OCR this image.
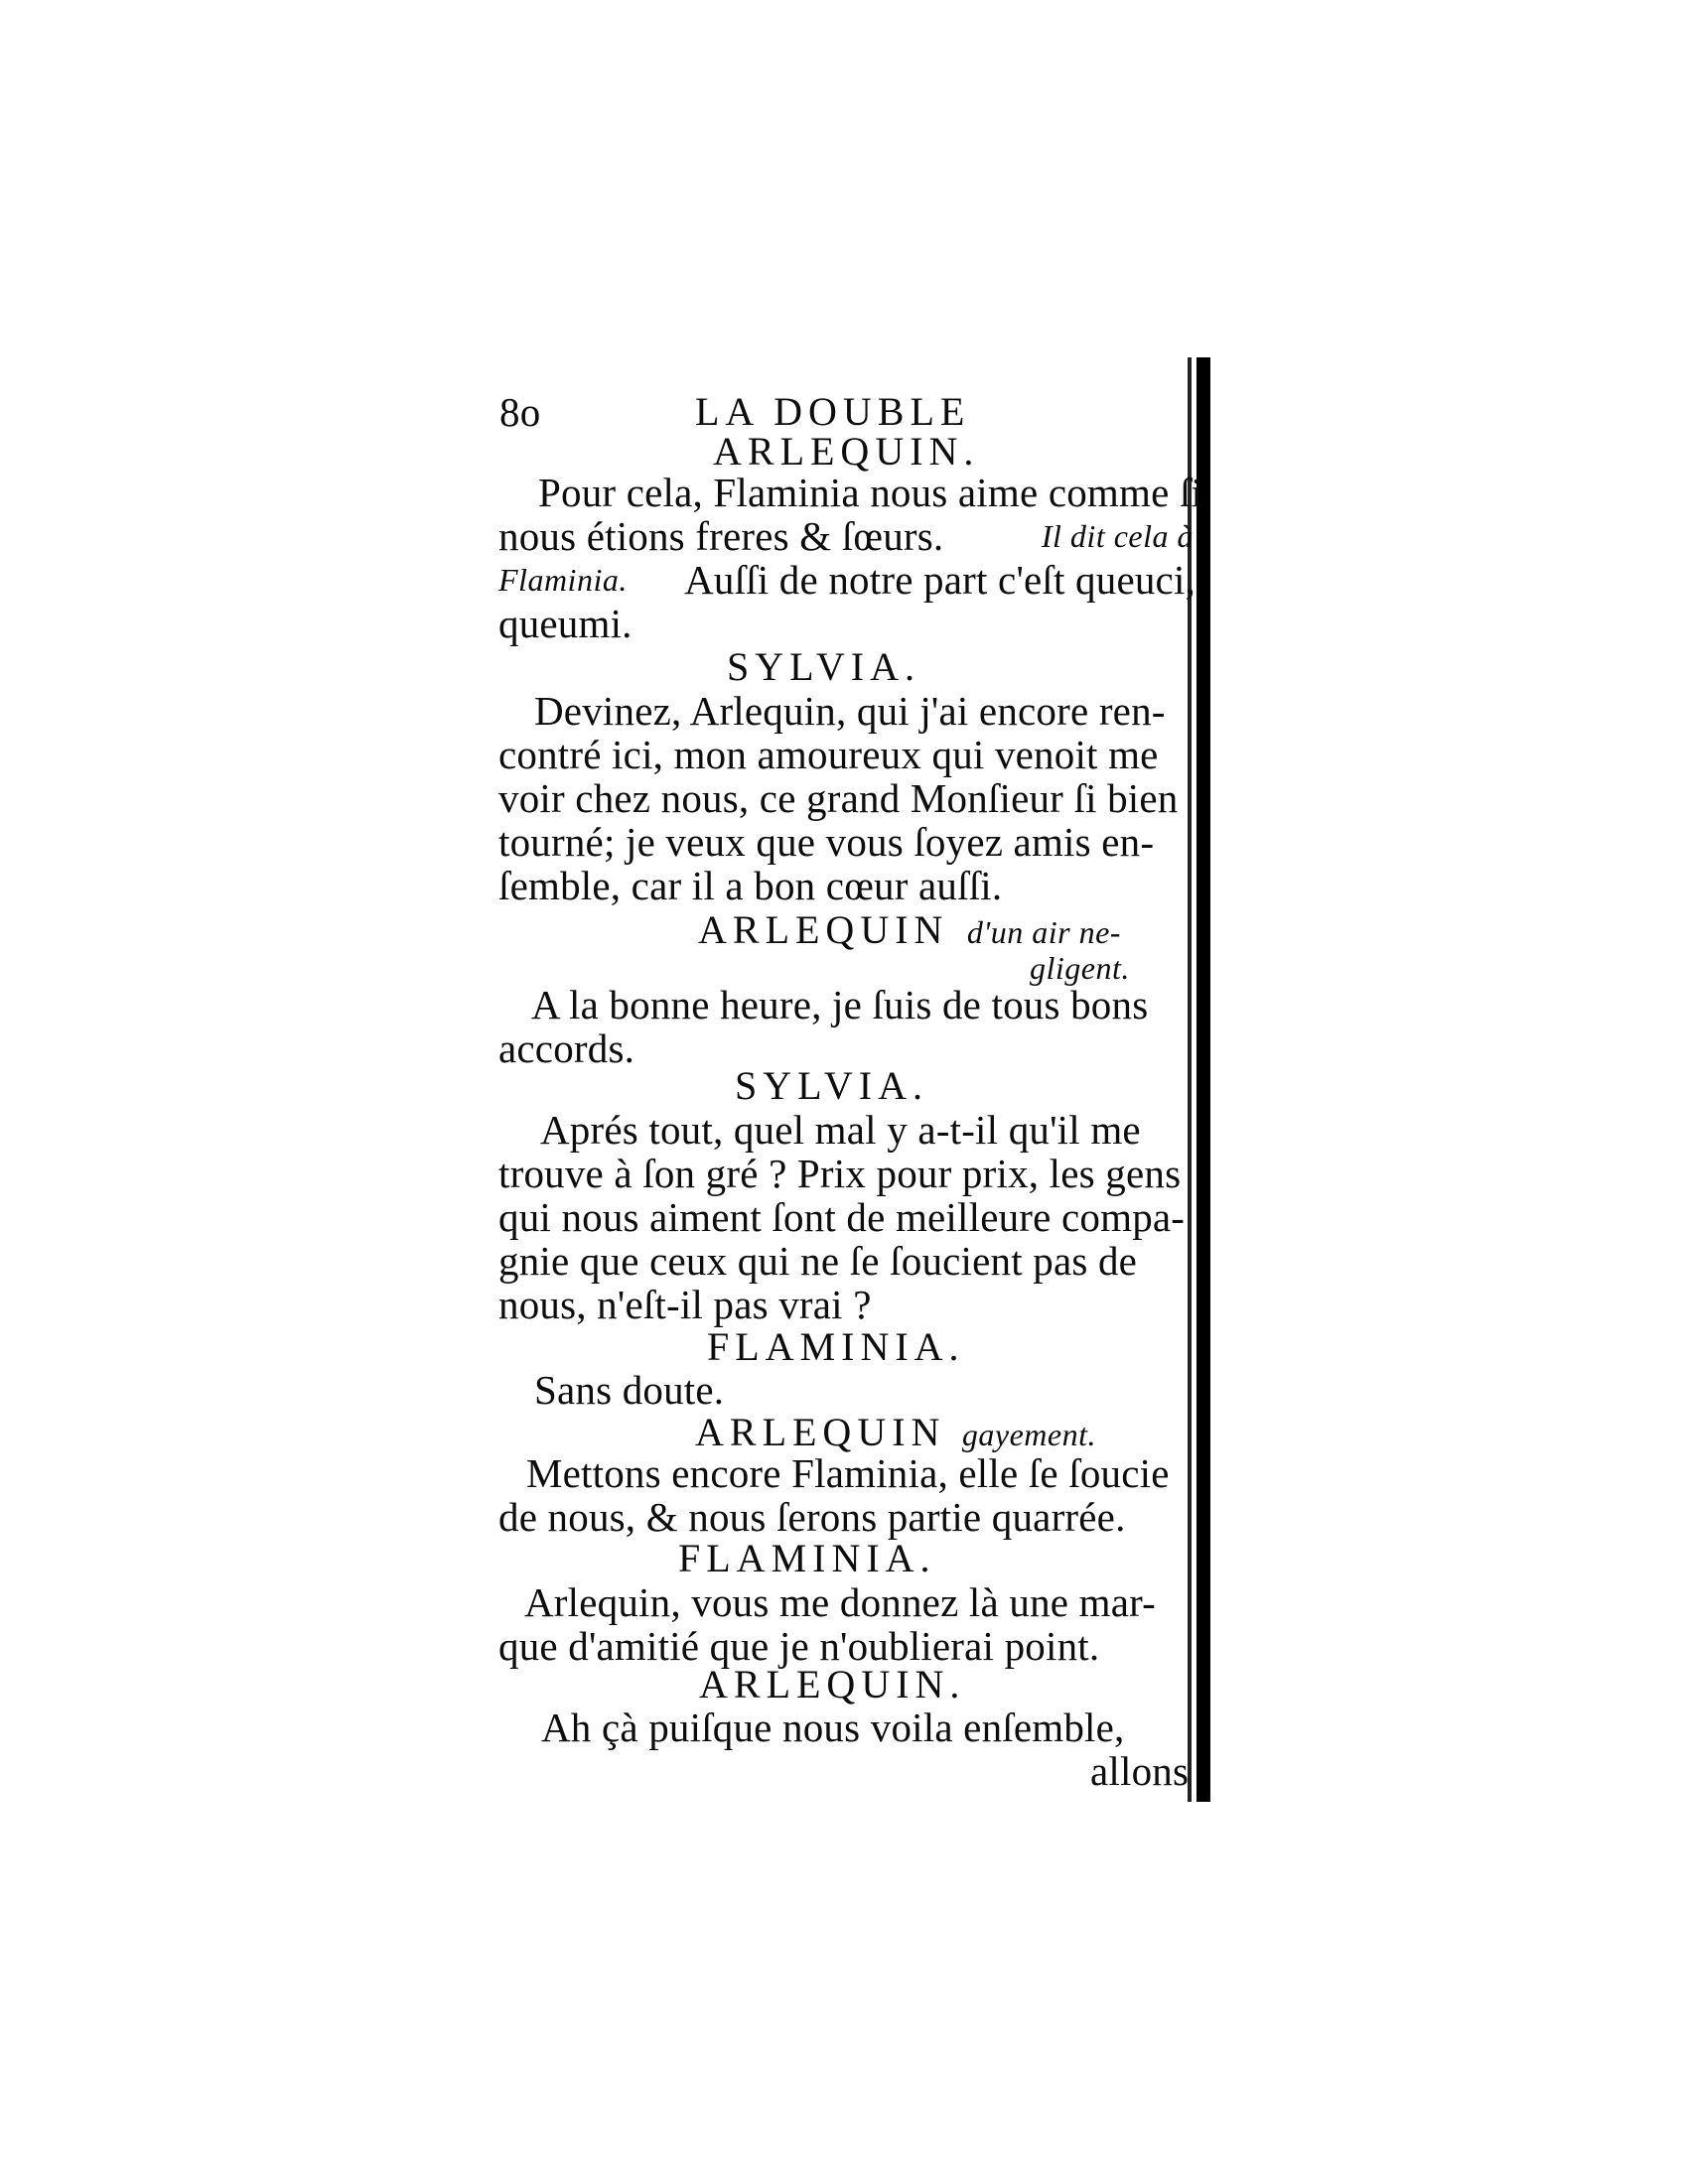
8o	LA DOUBLE
ARLEQUIN.
Pour cela, Flaminia nous aime comme ſi
nous étions freres & ſœurs.	Il dit cela à
Flaminia. Auſſi de notre part c'eſt queuci,
queumi.
SYLVIA.
Devinez, Arlequin, qui j'ai encore ren-
contré ici, mon amoureux qui venoit me
voir chez nous, ce grand Monſieur ſi bien
tourné; je veux que vous ſoyez amis en-
ſemble, car il a bon cœur auſſi.
ARLEQUIN d'un air ne-
gligent.
A la bonne heure, je ſuis de tous bons
accords.
SYLVIA.
Aprés tout, quel mal y a-t-il qu'il me
trouve à ſon gré ? Prix pour prix, les gens
qui nous aiment ſont de meilleure compa-
gnie que ceux qui ne ſe ſoucient pas de
nous, n'eſt-il pas vrai ?
FLAMINIA.
Sans doute.
ARLEQUIN gayement.
Mettons encore Flaminia, elle ſe ſoucie
de nous, & nous ſerons partie quarrée.
FLAMINIA.
Arlequin, vous me donnez là une mar-
que d'amitié que je n'oublierai point.
ARLEQUIN.
Ah çà puiſque nous voila enſemble,
allons
